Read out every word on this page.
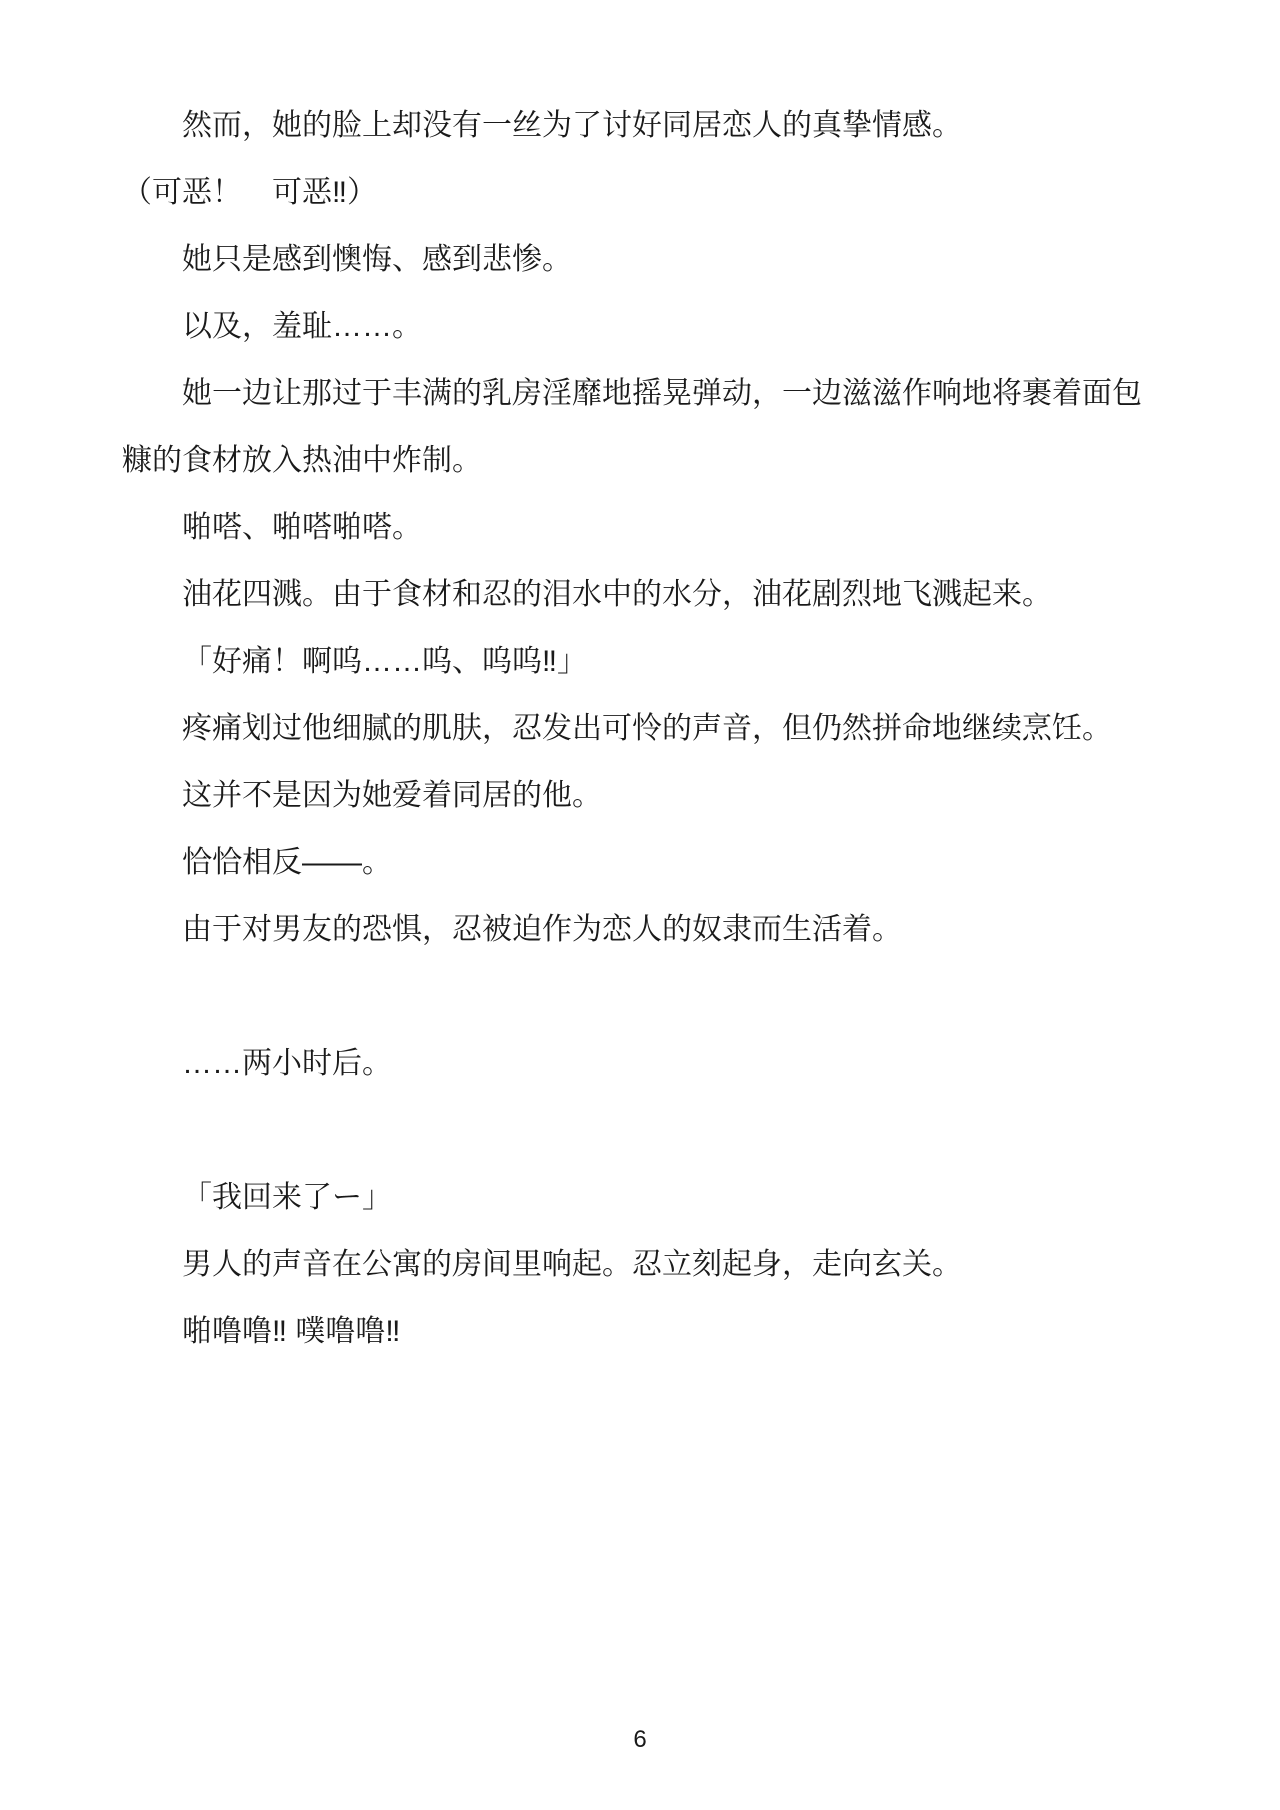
然而，她的脸上却没有一丝为了讨好同居恋人的真挚情感。

（可恶！　可恶‼）

她只是感到懊悔、感到悲惨。

以及，羞耻……。

她一边让那过于丰满的乳房淫靡地摇晃弹动，一边滋滋作响地将裹着面包

糠的食材放入热油中炸制。

啪嗒、啪嗒啪嗒。

油花四溅。由于食材和忍的泪水中的水分，油花剧烈地飞溅起来。

「好痛！啊呜……呜、呜呜‼」

疼痛划过他细腻的肌肤，忍发出可怜的声音，但仍然拼命地继续烹饪。

这并不是因为她爱着同居的他。

恰恰相反——。

由于对男友的恐惧，忍被迫作为恋人的奴隶而生活着。

……两小时后。

「我回来了ー」

男人的声音在公寓的房间里响起。忍立刻起身，走向玄关。

啪噜噜‼ 噗噜噜‼

6
